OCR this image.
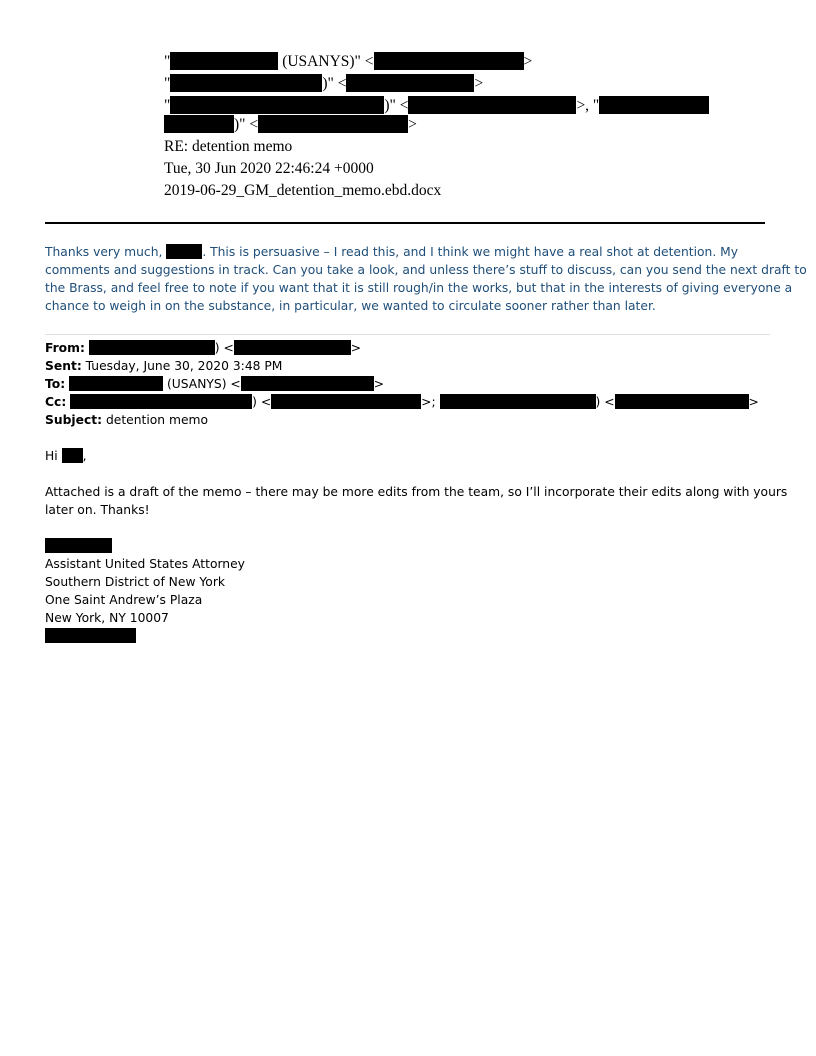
"	(USANYS)" <	>
"	)" <	>
"	)" <	>, "
)" <	>
RE: detention memo
Tue, 30 Jun 2020 22:46:24 +0000
2019-06-29_GM_detention_memo.ebd.docx
Thanks very much,	. This is persuasive – I read this, and I think we might have a real shot at detention. My
comments and suggestions in track. Can you take a look, and unless there’s stuff to discuss, can you send the next draft to
the Brass, and feel free to note if you want that it is still rough/in the works, but that in the interests of giving everyone a
chance to weigh in on the substance, in particular, we wanted to circulate sooner rather than later.
From:	) <	>
Sent: Tuesday, June 30, 2020 3:48 PM
To:	(USANYS) <	>
Cc:	) <	>;	) <	>
Subject: detention memo
Hi ,
Attached is a draft of the memo – there may be more edits from the team, so I’ll incorporate their edits along with yours
later on. Thanks!
Assistant United States Attorney
Southern District of New York
One Saint Andrew’s Plaza
New York, NY 10007
